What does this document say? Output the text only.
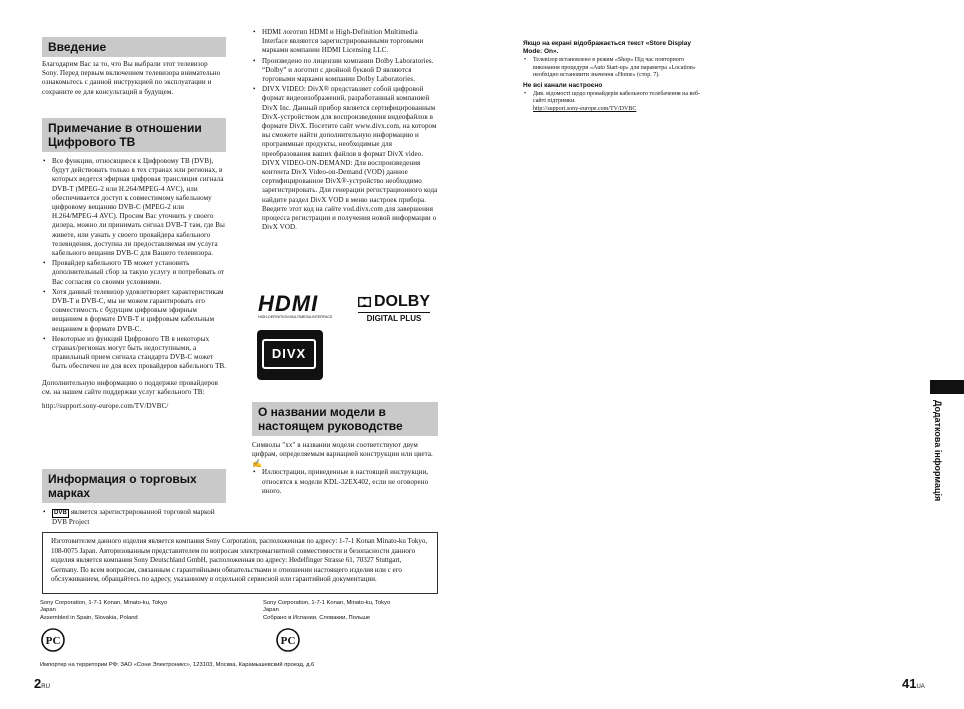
Введение
Благодарим Вас за то, что Вы выбрали этот телевизор Sony. Перед первым включением телевизора внимательно ознакомьтесь с данной инструкцией по эксплуатации и сохраните ее для консультаций в будущем.
Примечание в отношении Цифрового ТВ
• Все функции, относящиеся к Цифровому ТВ (DVB), будут действовать только в тех странах или регионах, в которых ведется эфирная цифровая трансляция сигнала DVB-T (MPEG-2 или H.264/MPEG-4 AVC), или обеспечивается доступ к совместимому кабельному цифровому вещанию DVB-C (MPEG-2 или H.264/MPEG-4 AVC). Просим Вас уточнить у своего дилера, можно ли принимать сигнал DVB-T там, где Вы живете, или узнать у своего провайдера кабельного телевидения, доступна ли предоставляемая им услуга кабельного вещания DVB-C для Вашего телевизора.
• Провайдер кабельного ТВ может установить дополнительный сбор за такую услугу и потребовать от Вас согласия со своими условиями.
• Хотя данный телевизор удовлетворяет характеристикам DVB-T и DVB-C, мы не можем гарантировать его совместимость с будущим цифровым эфирным вещанием в формате DVB-T и цифровым кабельным вещанием в формате DVB-C.
• Некоторые из функций Цифрового ТВ в некоторых странах/регионах могут быть недоступными, а правильный прием сигнала стандарта DVB-C может быть обеспечен не для всех провайдеров кабельного ТВ.
Дополнительную информацию о поддержке провайдеров см. на нашем сайте поддержки услуг кабельного ТВ:
http://support.sony-europe.com/TV/DVBC/
Информация о торговых марках
• DVB является зарегистрированной торговой маркой DVB Project
• HDMI логотип HDMI и High-Definition Multimedia Interface являются зарегистрированными торговыми марками компании HDMI Licensing LLC.
• Произведено по лицензии компании Dolby Laboratories. “Dolby” и логотип с двойной буквой D являются торговыми марками компании Dolby Laboratories.
• DIVX VIDEO: DivX® представляет собой цифровой формат видеоизображений, разработанный компанией DivX Inc. Данный прибор является сертифицированным DivX-устройством для воспроизведения видеофайлов в формате DivX. Посетите сайт www.divx.com, на котором вы сможете найти дополнительную информацию и программные продукты, необходимые для преобразования ваших файлов в формат DivX video. DIVX VIDEO-ON-DEMAND: Для воспроизведения контента DivX Video-on-Demand (VOD) данное сертифицированное DivX®-устройство необходимо зарегистрировать. Для генерации регистрационного кода найдите раздел DivX VOD в меню настроек прибора. Введите этот код на сайте vod.divx.com для завершения процесса регистрации и получения новой информации о DivX VOD.
HDMI
HIGH-DEFINITION MULTIMEDIA INTERFACE
DOLBY
DIGITAL PLUS
DIVX
О названии модели в настоящем руководстве
Символы "xx" в названии модели соответствуют двум цифрам, определяемым вариацией конструкции или цвета.
✍
• Иллюстрации, приведенные в настоящей инструкции, относятся к модели KDL-32EX402, если не оговорено иного.
Якщо на екрані відображається текст «Store Display Mode: On».
• Телевізор встановлено в режим «Shop» Під час повторного виконання процедури «Auto Start-up» для параметра «Location» необхідно встановити значення «Home» (стор. 7).
Не всі канали настроєно
• Див. відомості щодо провайдерів кабельного телебачення на веб-сайті підтримки.
http://support.sony-europe.com/TV/DVBC
Изготовителем данного изделия является компания Sony Corporation, расположенная по адресу: 1-7-1 Konan Minato-ku Tokyo, 108-0075 Japan. Авторизованным представителем по вопросам электромагнитной совместимости и безопасности данного изделия является компания Sony Deutschland GmbH, расположенная по адресу: Hedelfinger Strasse 61, 70327 Stuttgart, Germany. По всем вопросам, связанным с гарантийными обязательствами и отношении настоящего изделия или с его обслуживанием, обращайтесь по адресу, указанному в отдельной сервисной или гарантийной документации.
Sony Corporation, 1-7-1 Konan, Minato-ku, Tokyo
Japan
Assembled in Spain, Slovakia, Poland
Sony Corporation, 1-7-1 Konan, Minato-ku, Tokyo
Japan
Собрано в Испании, Словакии, Польше
РС	РС
Импортер на территории РФ: ЗАО «Сони Электроникс», 123103, Москва, Карамышевский проезд, д.6
2RU	41UA
Додаткова інформація
